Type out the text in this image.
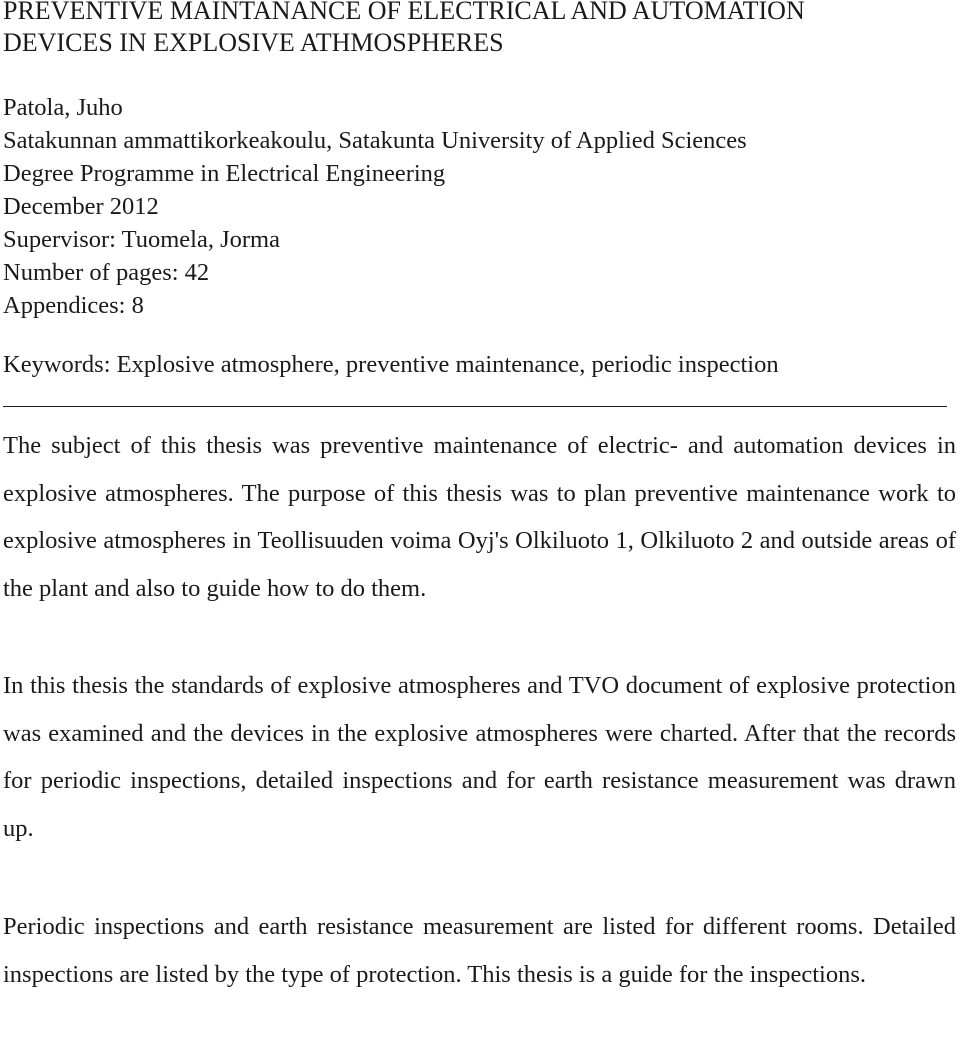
PREVENTIVE MAINTANANCE OF ELECTRICAL AND AUTOMATION
DEVICES IN EXPLOSIVE ATHMOSPHERES
Patola, Juho
Satakunnan ammattikorkeakoulu, Satakunta University of Applied Sciences
Degree Programme in Electrical Engineering
December 2012
Supervisor: Tuomela, Jorma
Number of pages: 42
Appendices: 8
Keywords: Explosive atmosphere, preventive maintenance, periodic inspection

The subject of this thesis was preventive maintenance of electric- and automation devices in explosive atmospheres. The purpose of this thesis was to plan preventive maintenance work to explosive atmospheres in Teollisuuden voima Oyj's Olkiluoto 1, Olkiluoto 2 and outside areas of the plant and also to guide how to do them.

In this thesis the standards of explosive atmospheres and TVO document of explosive protection was examined and the devices in the explosive atmospheres were charted. After that the records for periodic inspections, detailed inspections and for earth resistance measurement was drawn up.

Periodic inspections and earth resistance measurement are listed for different rooms. Detailed inspections are listed by the type of protection. This thesis is a guide for the inspections.
